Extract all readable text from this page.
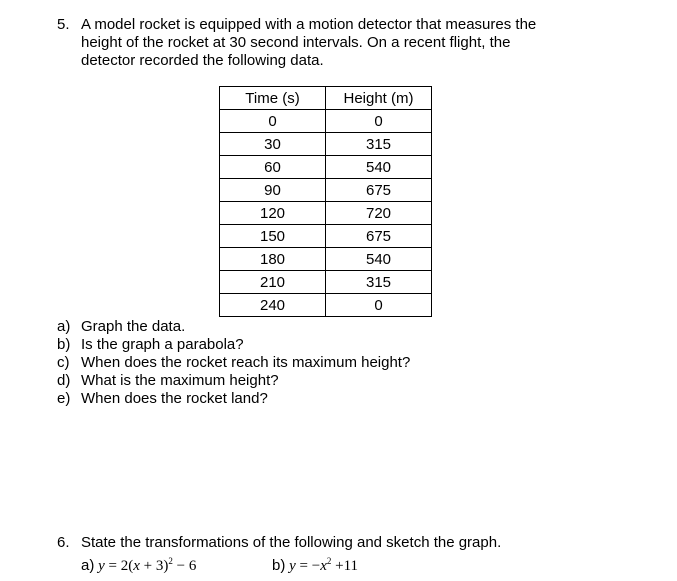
5. A model rocket is equipped with a motion detector that measures the
height of the rocket at 30 second intervals. On a recent flight, the
detector recorded the following data.
Time (s)	Height (m)
0	0
30	315
60	540
90	675
120	720
150	675
180	540
210	315
240	0
a) Graph the data.
b) Is the graph a parabola?
c) When does the rocket reach its maximum height?
d) What is the maximum height?
e) When does the rocket land?
6. State the transformations of the following and sketch the graph.
a) $y = 2(x + 3)^2 - 6$	b) $y = -x^2 +11$
